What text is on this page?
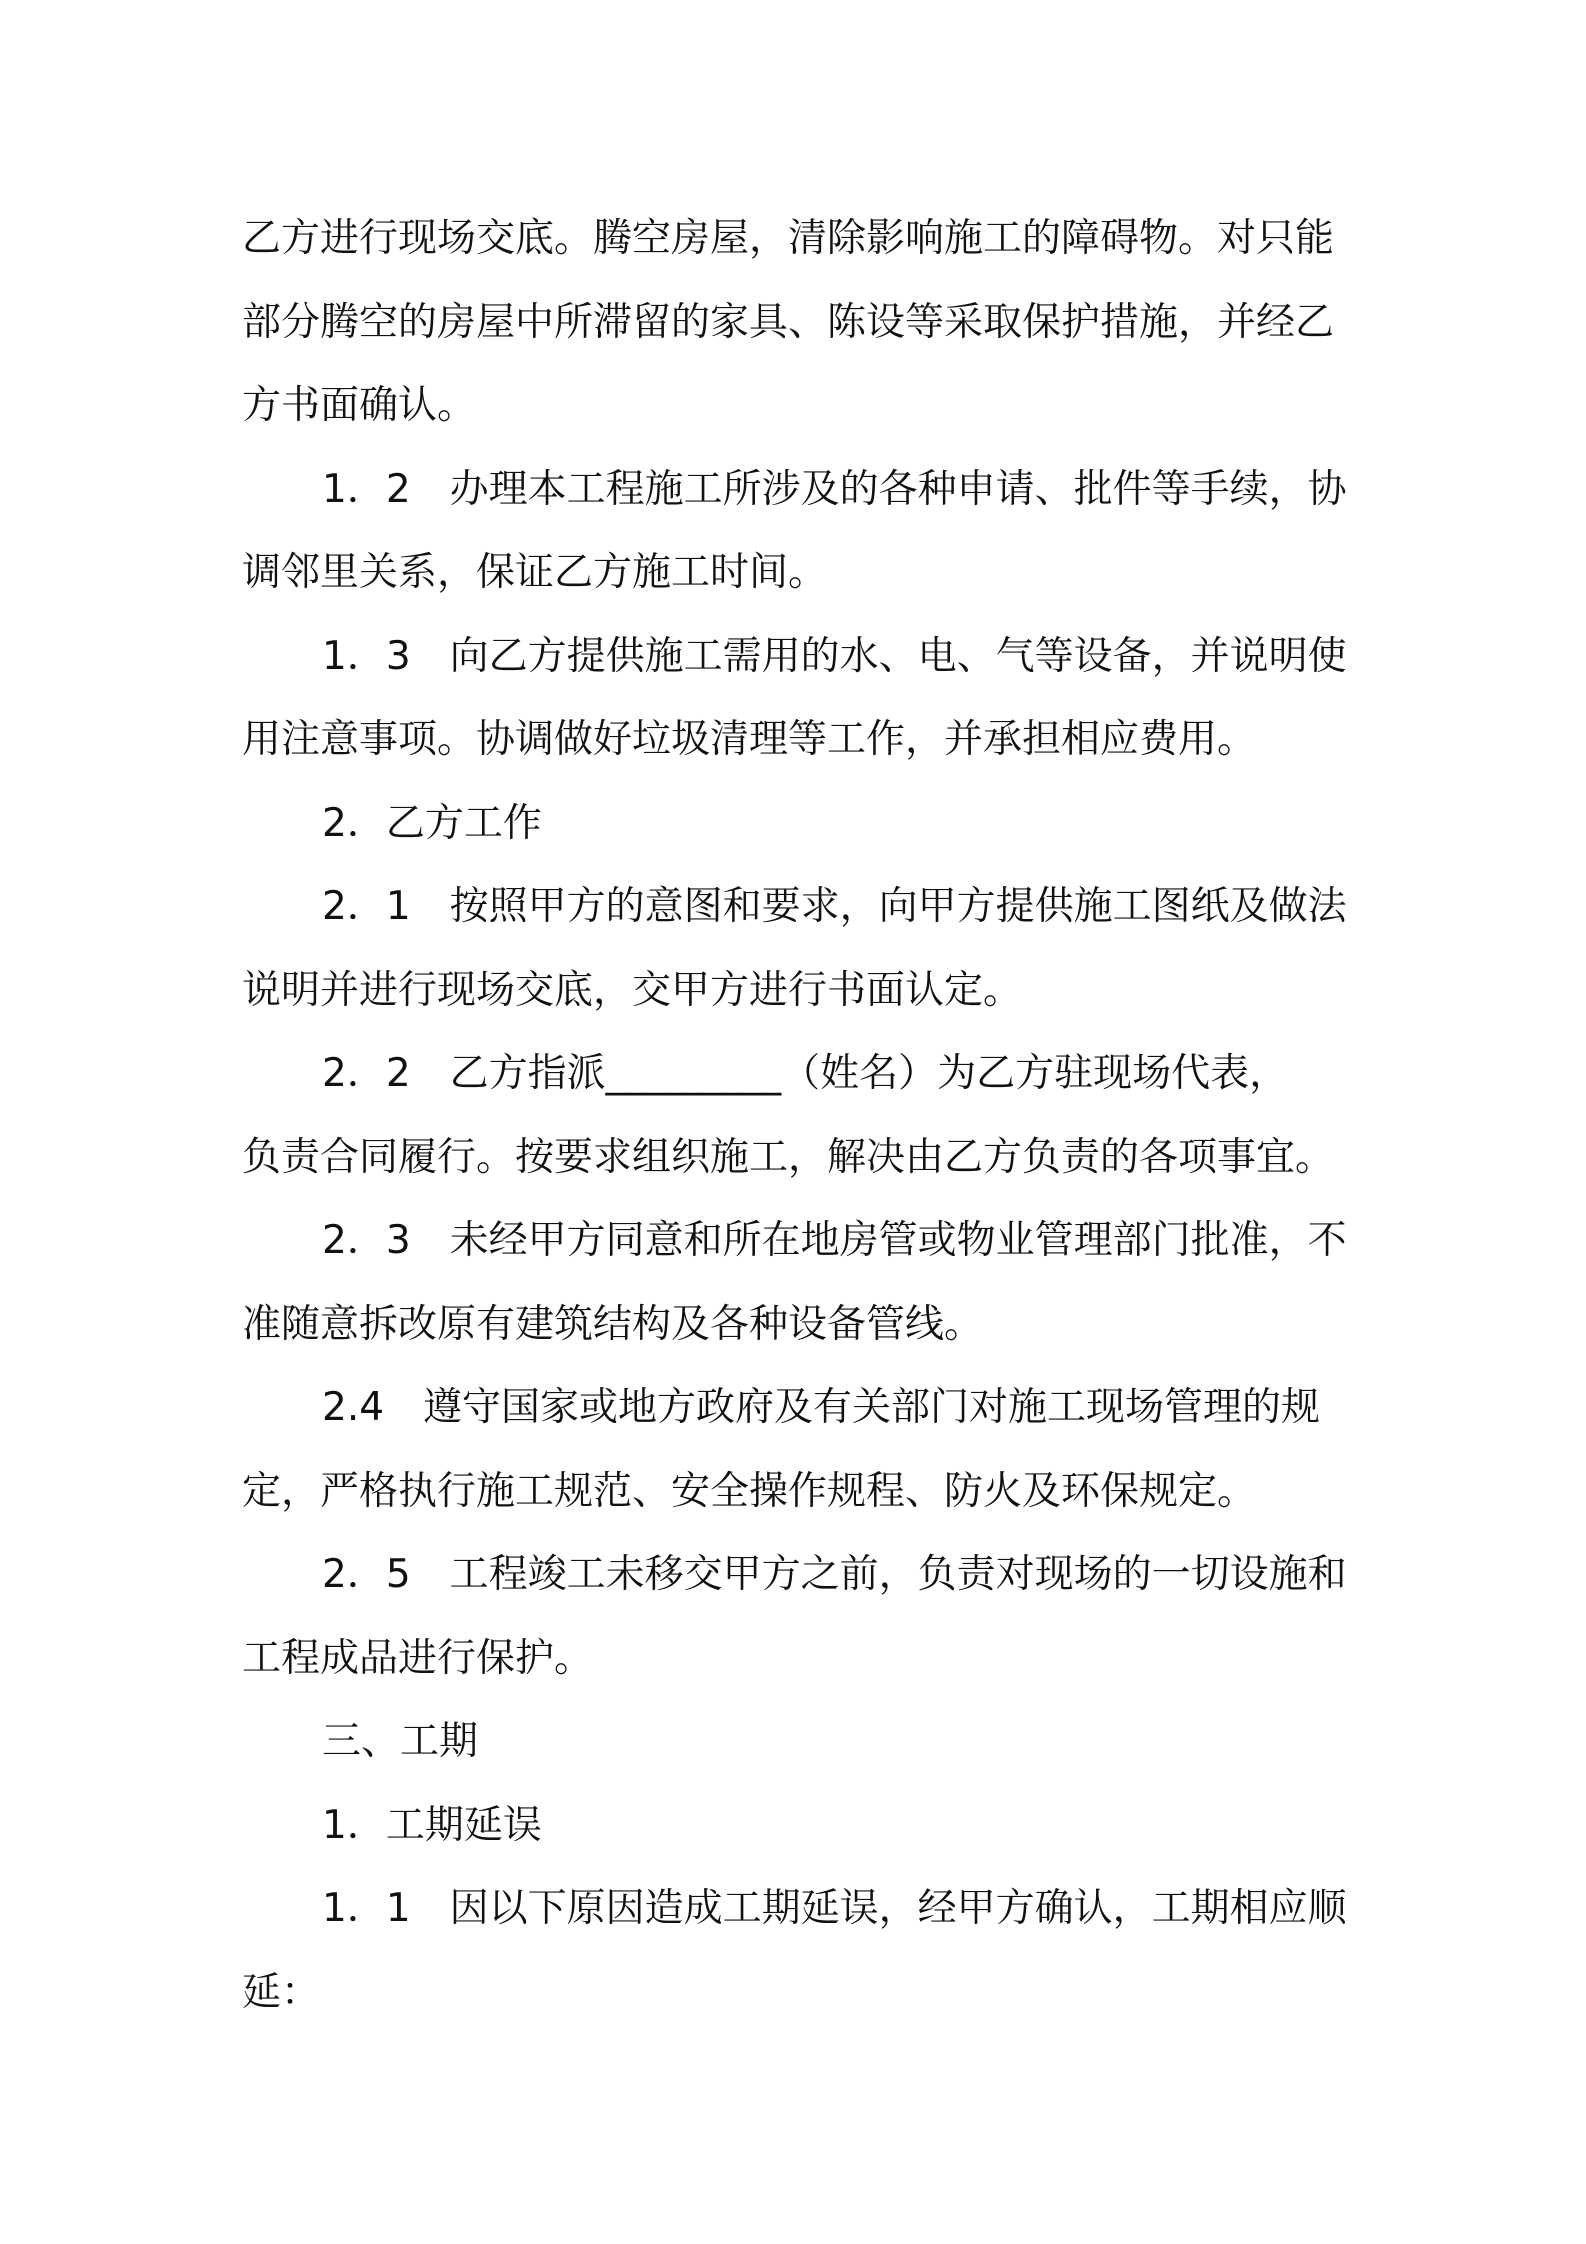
乙方进行现场交底。腾空房屋，清除影响施工的障碍物。对只能
部分腾空的房屋中所滞留的家具、陈设等采取保护措施，并经乙
方书面确认。
1．2　办理本工程施工所涉及的各种申请、批件等手续，协
调邻里关系，保证乙方施工时间。
1．3　向乙方提供施工需用的水、电、气等设备，并说明使
用注意事项。协调做好垃圾清理等工作，并承担相应费用。
2．乙方工作
2．1　按照甲方的意图和要求，向甲方提供施工图纸及做法
说明并进行现场交底，交甲方进行书面认定。
2．2　乙方指派_________（姓名）为乙方驻现场代表，
负责合同履行。按要求组织施工，解决由乙方负责的各项事宜。
2．3　未经甲方同意和所在地房管或物业管理部门批准，不
准随意拆改原有建筑结构及各种设备管线。
2.4　遵守国家或地方政府及有关部门对施工现场管理的规
定，严格执行施工规范、安全操作规程、防火及环保规定。
2．5　工程竣工未移交甲方之前，负责对现场的一切设施和
工程成品进行保护。
三、工期
1．工期延误
1．1　因以下原因造成工期延误，经甲方确认，工期相应顺
延：
